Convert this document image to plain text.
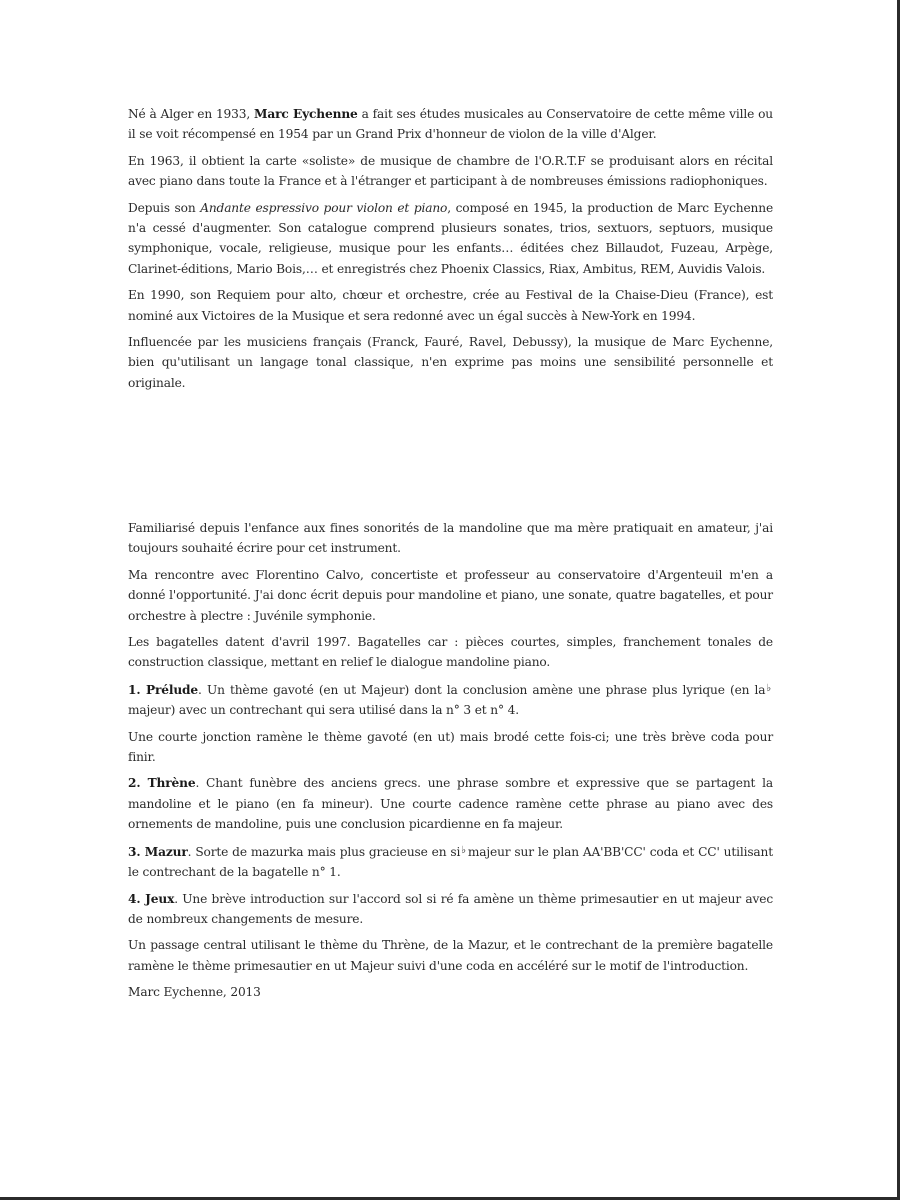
Né à Alger en 1933, Marc Eychenne a fait ses études musicales au Conservatoire de cette même ville ou il se voit récompensé en 1954 par un Grand Prix d'honneur de violon de la ville d'Alger.

En 1963, il obtient la carte «soliste» de musique de chambre de l'O.R.T.F se produisant alors en récital avec piano dans toute la France et à l'étranger et participant à de nombreuses émissions radiophoniques.

Depuis son Andante espressivo pour violon et piano, composé en 1945, la production de Marc Eychenne n'a cessé d'augmenter. Son catalogue comprend plusieurs sonates, trios, sextuors, septuors, musique symphonique, vocale, religieuse, musique pour les enfants… éditées chez Billaudot, Fuzeau, Arpège, Clarinet-éditions, Mario Bois,… et enregistrés chez Phoenix Classics, Riax, Ambitus, REM, Auvidis Valois.

En 1990, son Requiem pour alto, chœur et orchestre, crée au Festival de la Chaise-Dieu (France), est nominé aux Victoires de la Musique et sera redonné avec un égal succès à New-York en 1994.

Influencée par les musiciens français (Franck, Fauré, Ravel, Debussy), la musique de Marc Eychenne, bien qu'utilisant un langage tonal classique, n'en exprime pas moins une sensibilité personnelle et originale.

Familiarisé depuis l'enfance aux fines sonorités de la mandoline que ma mère pratiquait en amateur, j'ai toujours souhaité écrire pour cet instrument.

Ma rencontre avec Florentino Calvo, concertiste et professeur au conservatoire d'Argenteuil m'en a donné l'opportunité. J'ai donc écrit depuis pour mandoline et piano, une sonate, quatre bagatelles, et pour orchestre à plectre : Juvénile symphonie.

Les bagatelles datent d'avril 1997. Bagatelles car : pièces courtes, simples, franchement tonales de construction classique, mettant en relief le dialogue mandoline piano.

1. Prélude. Un thème gavoté (en ut Majeur) dont la conclusion amène une phrase plus lyrique (en la♭majeur) avec un contrechant qui sera utilisé dans la n° 3 et n° 4.

Une courte jonction ramène le thème gavoté (en ut) mais brodé cette fois-ci; une très brève coda pour finir.

2. Thrène. Chant funèbre des anciens grecs. une phrase sombre et expressive que se partagent la mandoline et le piano (en fa mineur). Une courte cadence ramène cette phrase au piano avec des ornements de mandoline, puis une conclusion picardienne en fa majeur.

3. Mazur. Sorte de mazurka mais plus gracieuse en si♭ majeur sur le plan AA'BB'CC' coda et CC' utilisant le contrechant de la bagatelle n° 1.

4. Jeux. Une brève introduction sur l'accord sol si ré fa amène un thème primesautier en ut majeur avec de nombreux changements de mesure.

Un passage central utilisant le thème du Thrène, de la Mazur, et le contrechant de la première bagatelle ramène le thème primesautier en ut Majeur suivi d'une coda en accéléré sur le motif de l'introduction.

Marc Eychenne, 2013
